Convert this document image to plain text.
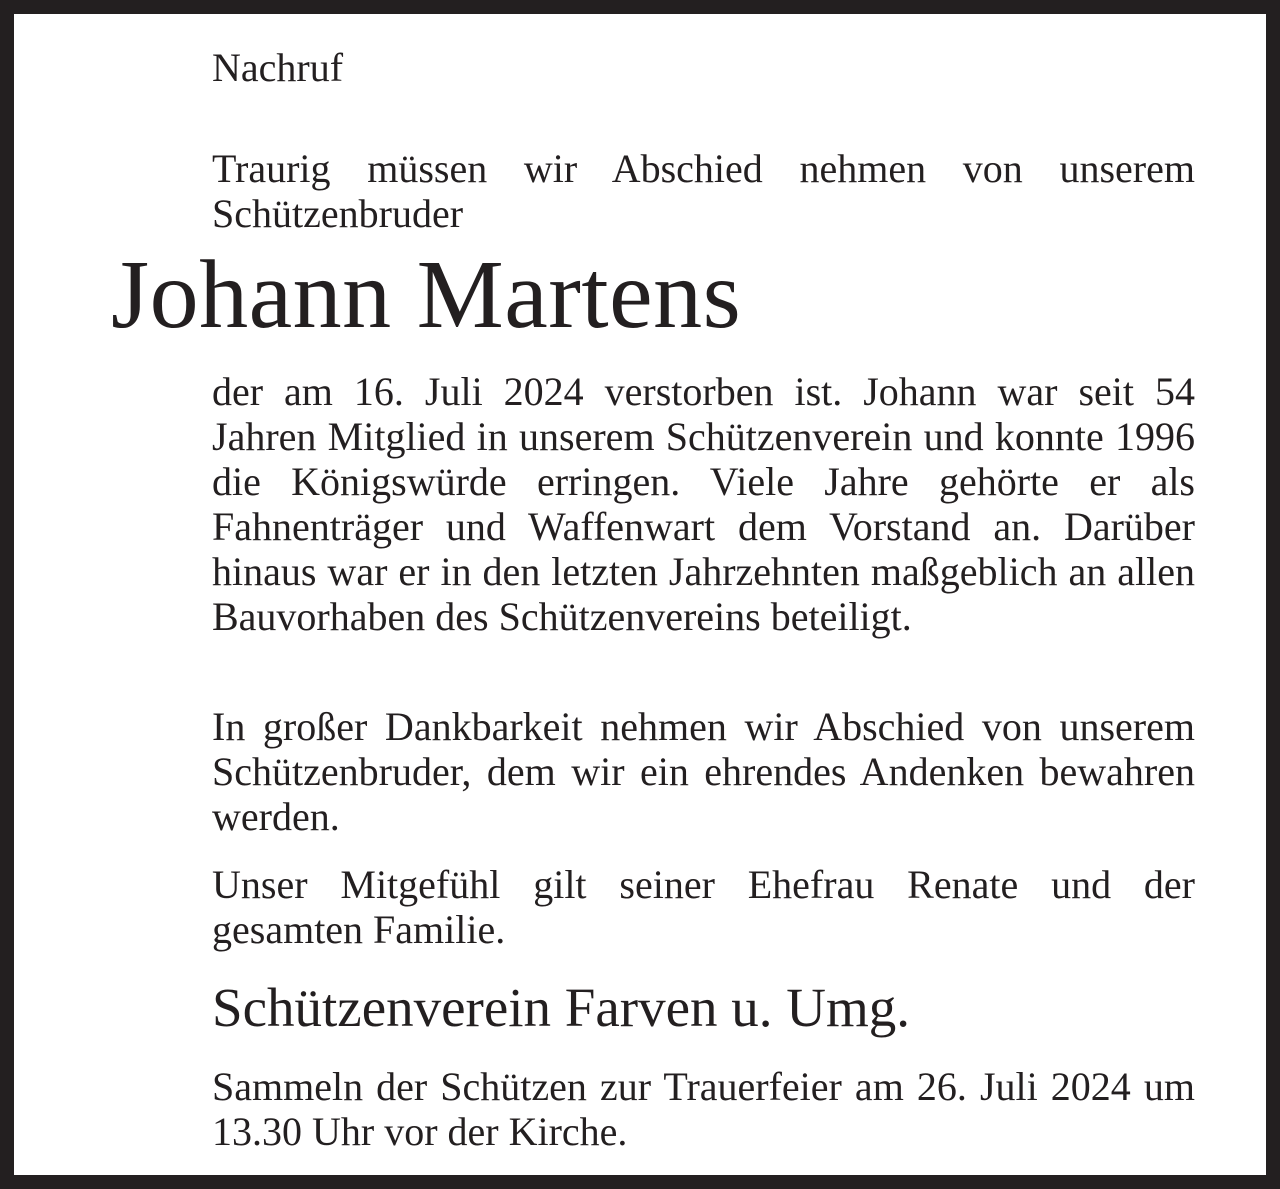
Nachruf

Traurig müssen wir Abschied nehmen von unserem Schützenbruder

Johann Martens

der am 16. Juli 2024 verstorben ist. Johann war seit 54 Jahren Mitglied in unserem Schützenverein und konnte 1996 die Königswürde erringen. Viele Jahre gehörte er als Fahnenträger und Waffenwart dem Vorstand an. Darüber hinaus war er in den letzten Jahrzehnten maßgeblich an allen Bauvorhaben des Schützenvereins beteiligt.

In großer Dankbarkeit nehmen wir Abschied von unserem Schützenbruder, dem wir ein ehrendes Andenken bewahren werden.

Unser Mitgefühl gilt seiner Ehefrau Renate und der gesamten Familie.

Schützenverein Farven u. Umg.

Sammeln der Schützen zur Trauerfeier am 26. Juli 2024 um 13.30 Uhr vor der Kirche.
